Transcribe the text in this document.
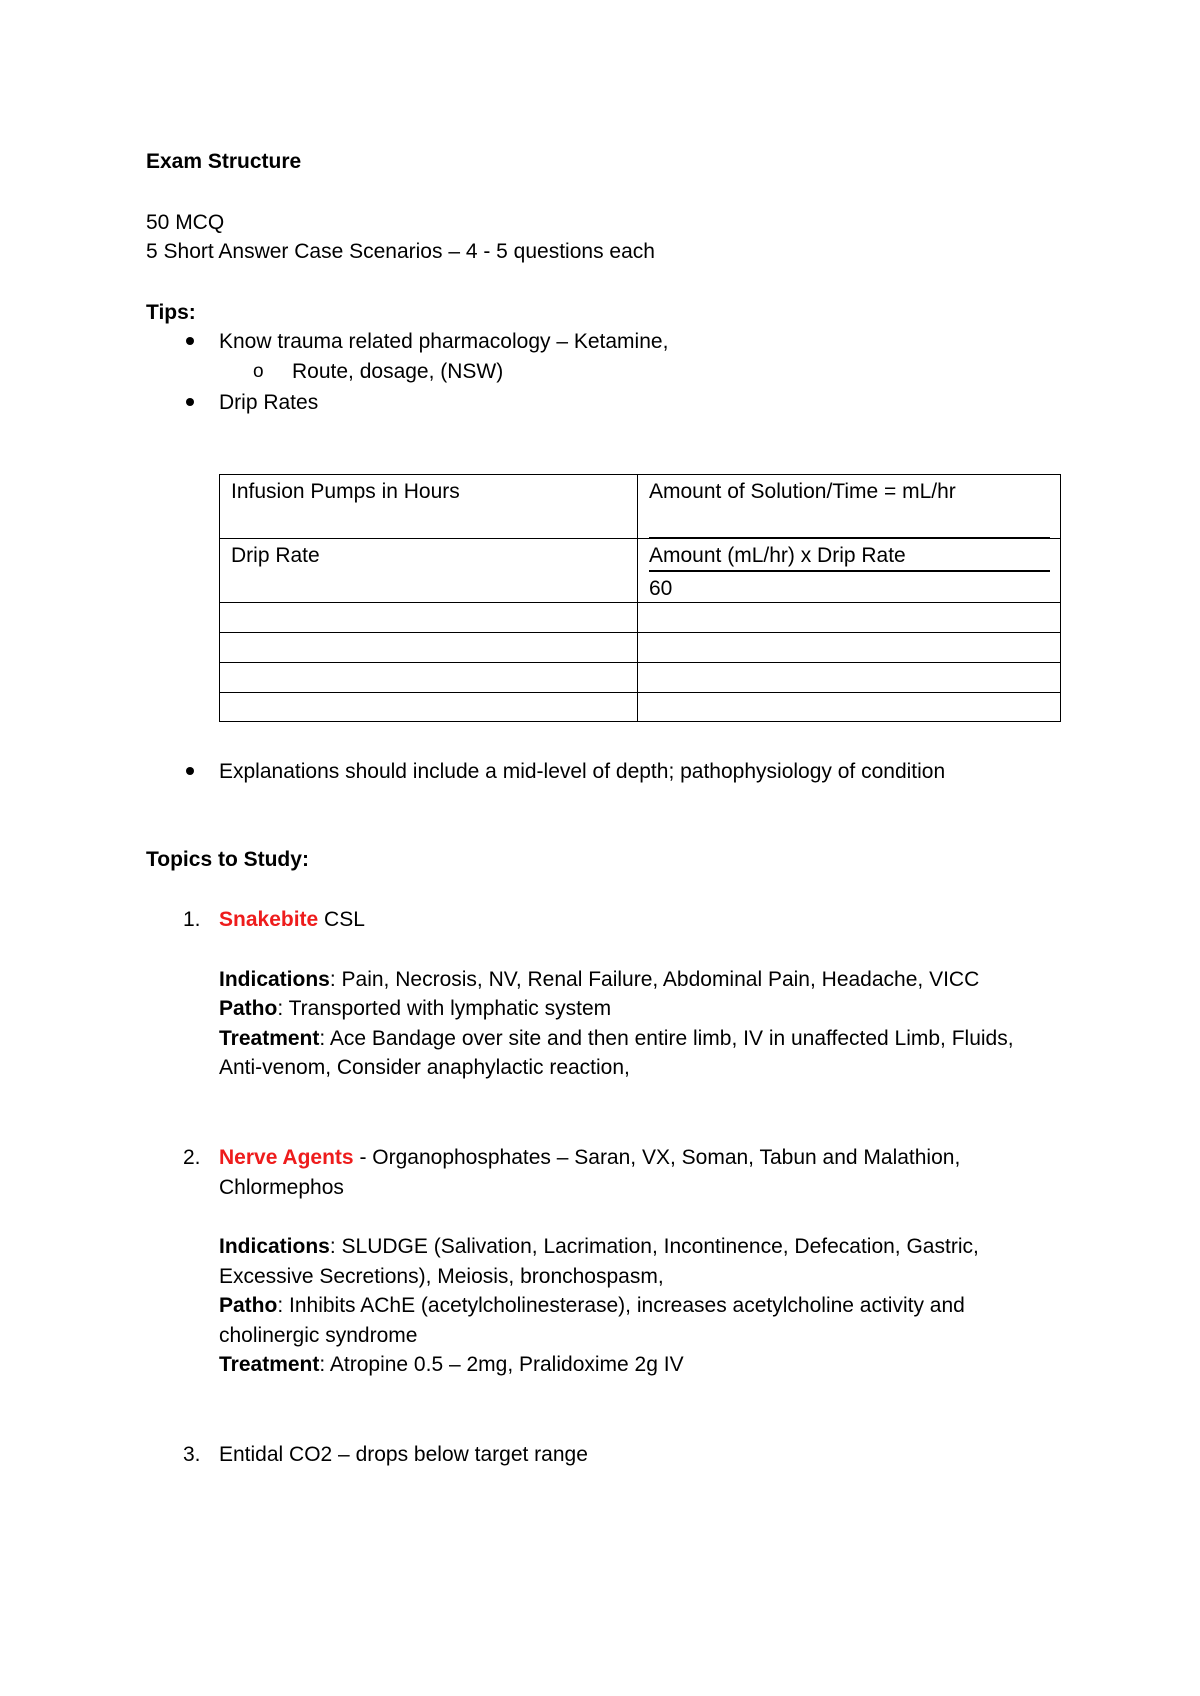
Exam Structure
50 MCQ
5 Short Answer Case Scenarios – 4 - 5 questions each
Tips:
Know trauma related pharmacology – Ketamine,
o Route, dosage, (NSW)
Drip Rates
Infusion Pumps in Hours	Amount of Solution/Time = mL/hr
Drip Rate	Amount (mL/hr) x Drip Rate
60
Explanations should include a mid-level of depth; pathophysiology of condition
Topics to Study:
1. Snakebite CSL
Indications: Pain, Necrosis, NV, Renal Failure, Abdominal Pain, Headache, VICC
Patho: Transported with lymphatic system
Treatment: Ace Bandage over site and then entire limb, IV in unaffected Limb, Fluids,
Anti-venom, Consider anaphylactic reaction,
2. Nerve Agents - Organophosphates – Saran, VX, Soman, Tabun and Malathion,
Chlormephos
Indications: SLUDGE (Salivation, Lacrimation, Incontinence, Defecation, Gastric,
Excessive Secretions), Meiosis, bronchospasm,
Patho: Inhibits AChE (acetylcholinesterase), increases acetylcholine activity and
cholinergic syndrome
Treatment: Atropine 0.5 – 2mg, Pralidoxime 2g IV
3. Entidal CO2 – drops below target range
